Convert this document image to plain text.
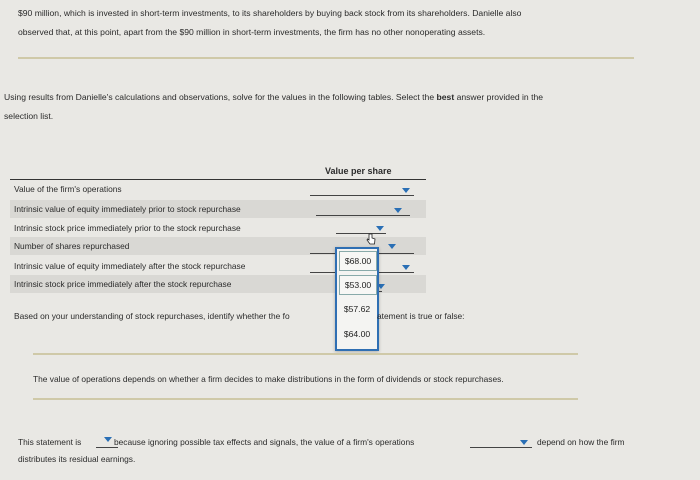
$90 million, which is invested in short-term investments, to its shareholders by buying back stock from its shareholders. Danielle also
observed that, at this point, apart from the $90 million in short-term investments, the firm has no other nonoperating assets.
Using results from Danielle's calculations and observations, solve for the values in the following tables. Select the best answer provided in the
selection list.
Value per share
Value of the firm's operations
Intrinsic value of equity immediately prior to stock repurchase
Intrinsic stock price immediately prior to the stock repurchase
Number of shares repurchased
Intrinsic value of equity immediately after the stock repurchase
Intrinsic stock price immediately after the stock repurchase
$68.00
$53.00
$57.62
$64.00
Based on your understanding of stock repurchases, identify whether the fo	atement is true or false:
The value of operations depends on whether a firm decides to make distributions in the form of dividends or stock repurchases.
This statement is	because ignoring possible tax effects and signals, the value of a firm's operations	depend on how the firm
distributes its residual earnings.
